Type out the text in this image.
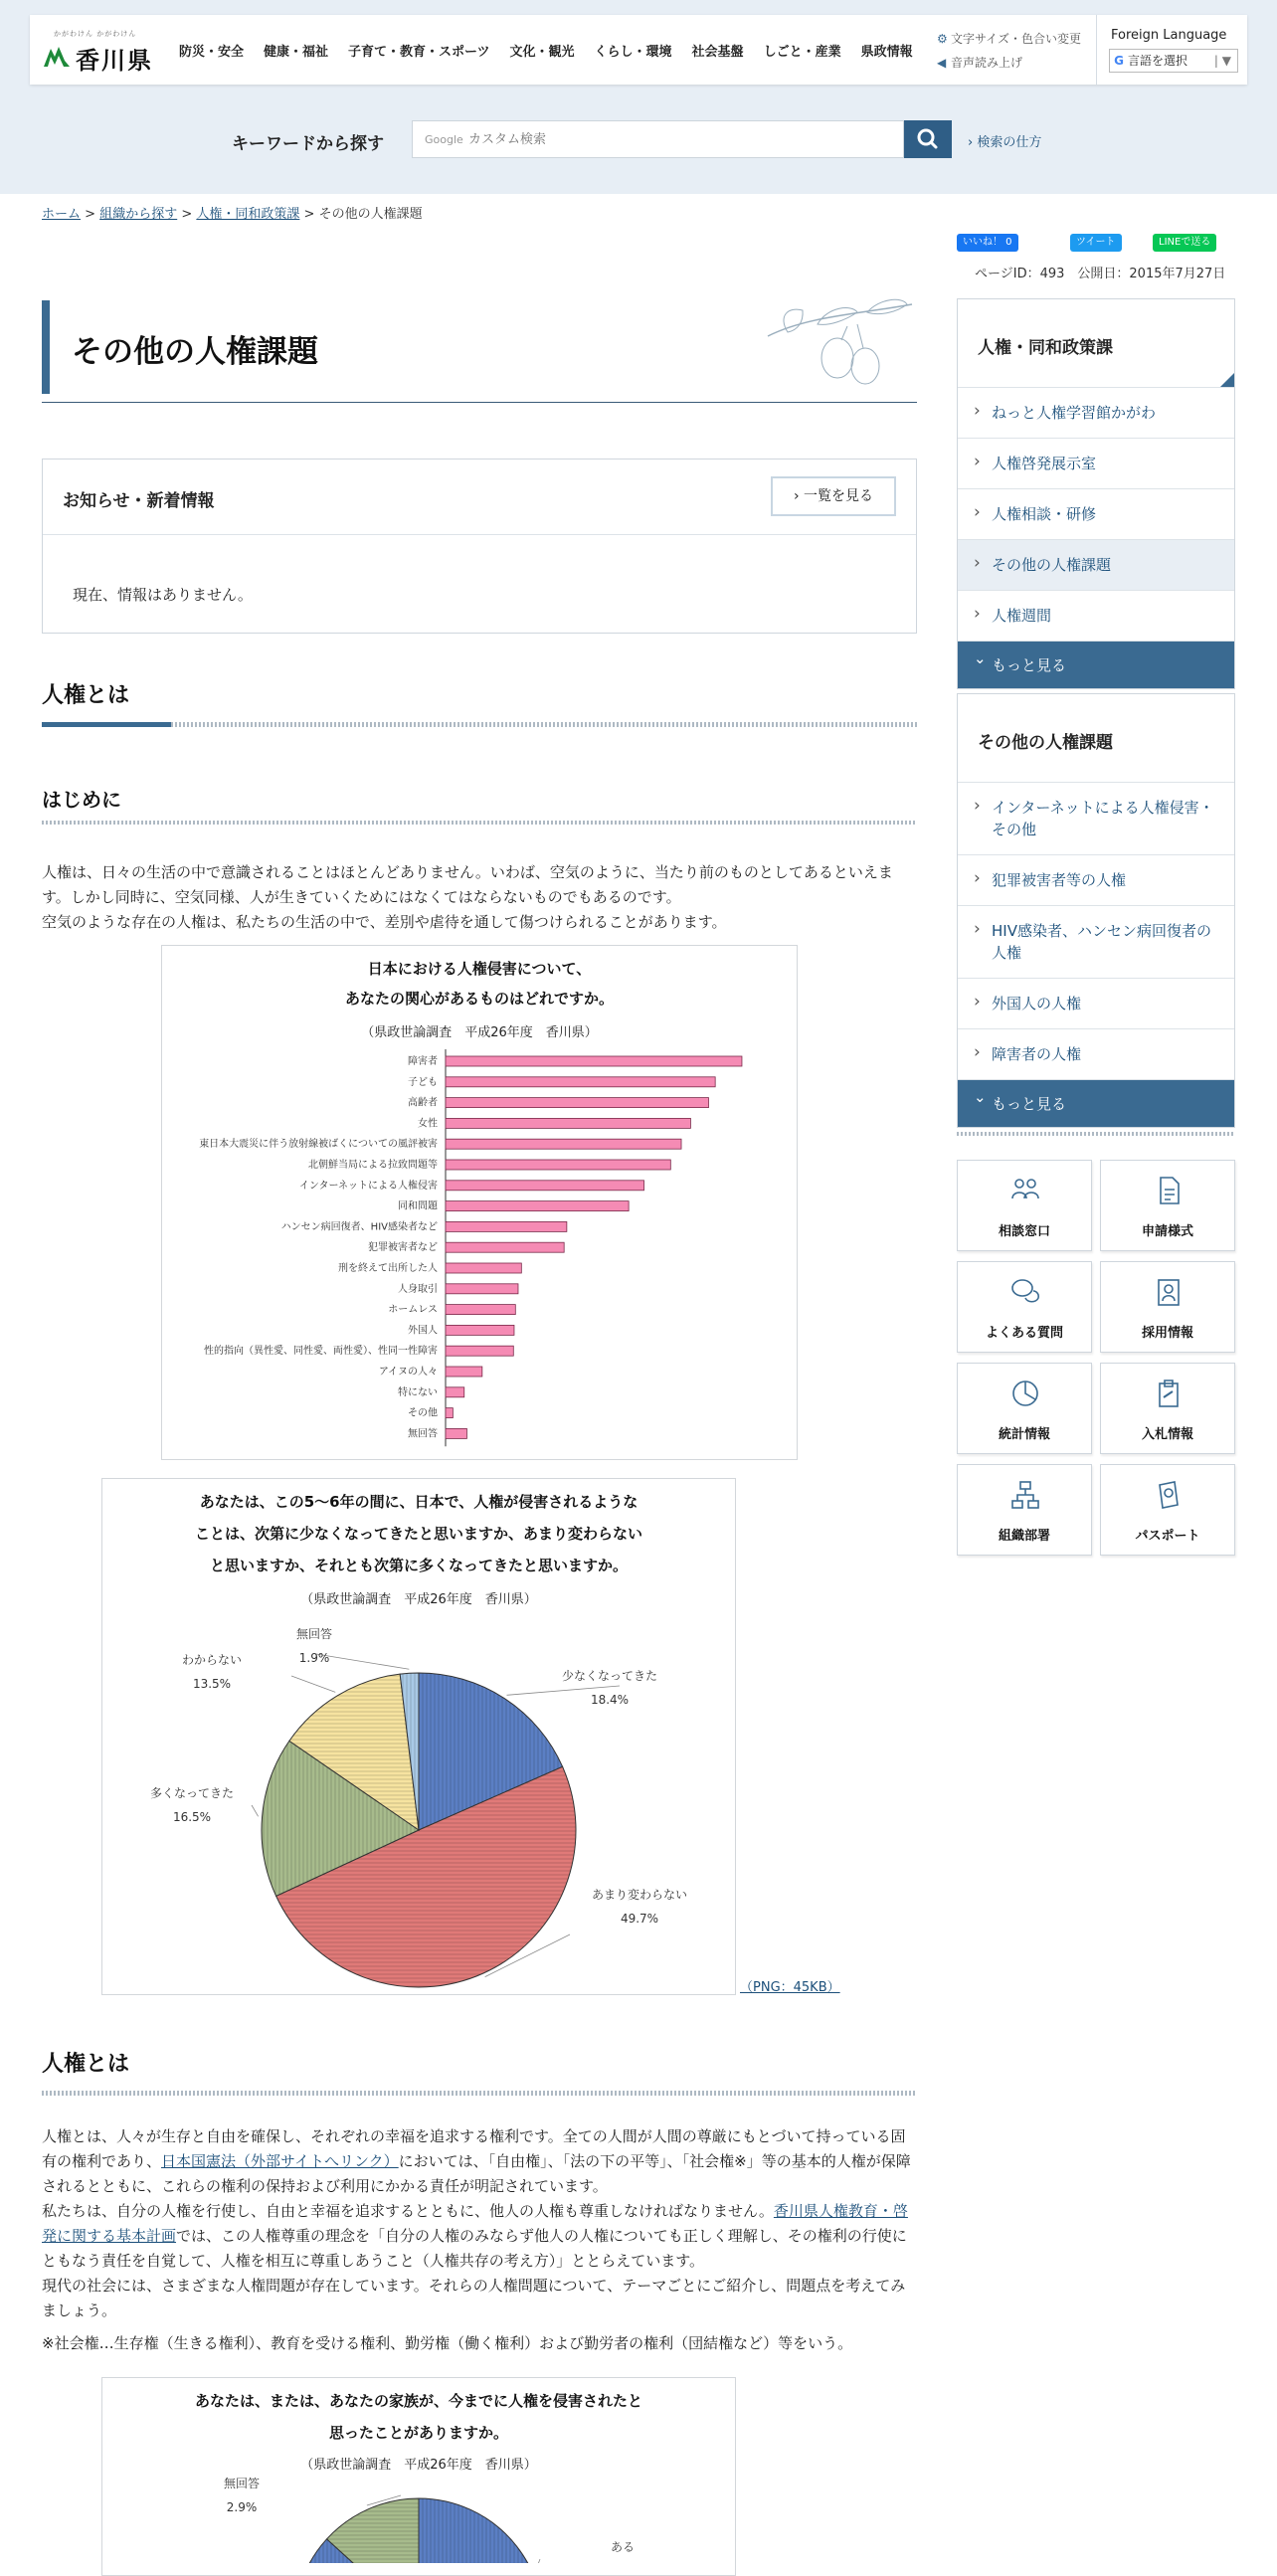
かがわけん かがわけん
香川県	防災・安全	健康・福祉	子育て・教育・スポーツ	文化・観光	くらし・環境	社会基盤	しごと・産業	県政情報
⚙ 文字サイズ・色合い変更
◀ 音声読み上げ
Foreign Language
G 言語を選択 | ▼
キーワードから探す	Google
カスタム検索	› 検索の仕方
ホーム > 組織から探す > 人権・同和政策課 > その他の人権課題
いいね！ 0	ツイート	LINEで送る
ページID：493　公開日：2015年7月27日
その他の人権課題
お知らせ・新着情報	› 一覧を見る
現在、情報はありません。
人権とは
はじめに

人権は、日々の生活の中で意識されることはほとんどありません。いわば、空気のように、当たり前のものとしてあるといえます。しかし同時に、空気同様、人が生きていくためにはなくてはならないものでもあるのです。

空気のような存在の人権は、私たちの生活の中で、差別や虐待を通して傷つけられることがあります。

日本における人権侵害について、
あなたの関心があるものはどれですか。
（県政世論調査　平成26年度　香川県）
障害者
子ども
高齢者
女性
東日本大震災に伴う放射線被ばくについての風評被害
北朝鮮当局による拉致問題等
インターネットによる人権侵害
同和問題
ハンセン病回復者、HIV感染者など
犯罪被害者など
刑を終えて出所した人
人身取引
ホームレス
外国人
性的指向（異性愛、同性愛、両性愛）、性同一性障害
アイヌの人々
特にない
その他
無回答
あなたは、この5〜6年の間に、日本で、人権が侵害されるような
ことは、次第に少なくなってきたと思いますか、あまり変わらない
と思いますか、それとも次第に多くなってきたと思いますか。
（県政世論調査　平成26年度　香川県）
少なくなってきた
18.4%
あまり変わらない
49.7%
多くなってきた
16.5%
わからない
13.5%
無回答
1.9%
（PNG：45KB）
人権とは

人権とは、人々が生存と自由を確保し、それぞれの幸福を追求する権利です。全ての人間が人間の尊厳にもとづいて持っている固有の権利であり、日本国憲法（外部サイトへリンク）においては、「自由権」、「法の下の平等」、「社会権※」等の基本的人権が保障されるとともに、これらの権利の保持および利用にかかる責任が明記されています。

私たちは、自分の人権を行使し、自由と幸福を追求するとともに、他人の人権も尊重しなければなりません。香川県人権教育・啓発に関する基本計画では、この人権尊重の理念を「自分の人権のみならず他人の人権についても正しく理解し、その権利の行使にともなう責任を自覚して、人権を相互に尊重しあうこと（人権共存の考え方）」ととらえています。

現代の社会には、さまざまな人権問題が存在しています。それらの人権問題について、テーマごとにご紹介し、問題点を考えてみましょう。

※社会権…生存権（生きる権利）、教育を受ける権利、勤労権（働く権利）および勤労者の権利（団結権など）等をいう。

あなたは、または、あなたの家族が、今までに人権を侵害されたと
思ったことがありますか。
（県政世論調査　平成26年度　香川県）
ある
無回答
2.9%
人権・同和政策課
› ねっと人権学習館かがわ
› 人権啓発展示室
› 人権相談・研修
› その他の人権課題
› 人権週間
⌄ もっと見る
その他の人権課題
› インターネットによる人権侵害・その他
› 犯罪被害者等の人権
› HIV感染者、ハンセン病回復者の人権
› 外国人の人権
› 障害者の人権
⌄ もっと見る
相談窓口	申請様式
よくある質問	採用情報
統計情報	入札情報
組織部署	パスポート
